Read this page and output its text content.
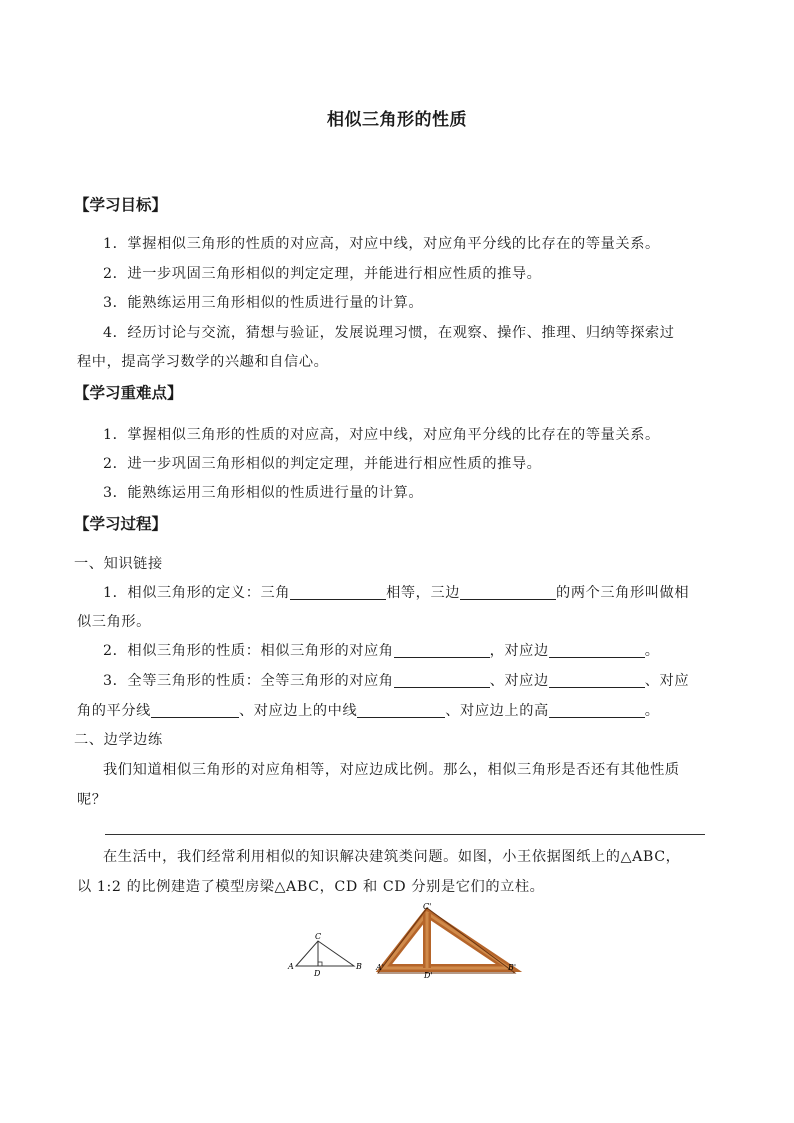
相似三角形的性质
【学习目标】
1．掌握相似三角形的性质的对应高，对应中线，对应角平分线的比存在的等量关系。
2．进一步巩固三角形相似的判定定理，并能进行相应性质的推导。
3．能熟练运用三角形相似的性质进行量的计算。
4．经历讨论与交流，猜想与验证，发展说理习惯，在观察、操作、推理、归纳等探索过
程中，提高学习数学的兴趣和自信心。
【学习重难点】
1．掌握相似三角形的性质的对应高，对应中线，对应角平分线的比存在的等量关系。
2．进一步巩固三角形相似的判定定理，并能进行相应性质的推导。
3．能熟练运用三角形相似的性质进行量的计算。
【学习过程】
一、知识链接
1．相似三角形的定义：三角	相等，三边	的两个三角形叫做相
似三角形。
2．相似三角形的性质：相似三角形的对应角	，对应边	。
3．全等三角形的性质：全等三角形的对应角	、对应边	、对应
角的平分线	、对应边上的中线	、对应边上的高	。
二、边学边练
我们知道相似三角形的对应角相等，对应边成比例。那么，相似三角形是否还有其他性质
呢？
在生活中，我们经常利用相似的知识解决建筑类问题。如图，小王依据图纸上的△ABC，
以 1:2 的比例建造了模型房梁△ABC，CD 和 CD 分别是它们的立柱。
A	B
C
D
A'	B'
C'
D'
